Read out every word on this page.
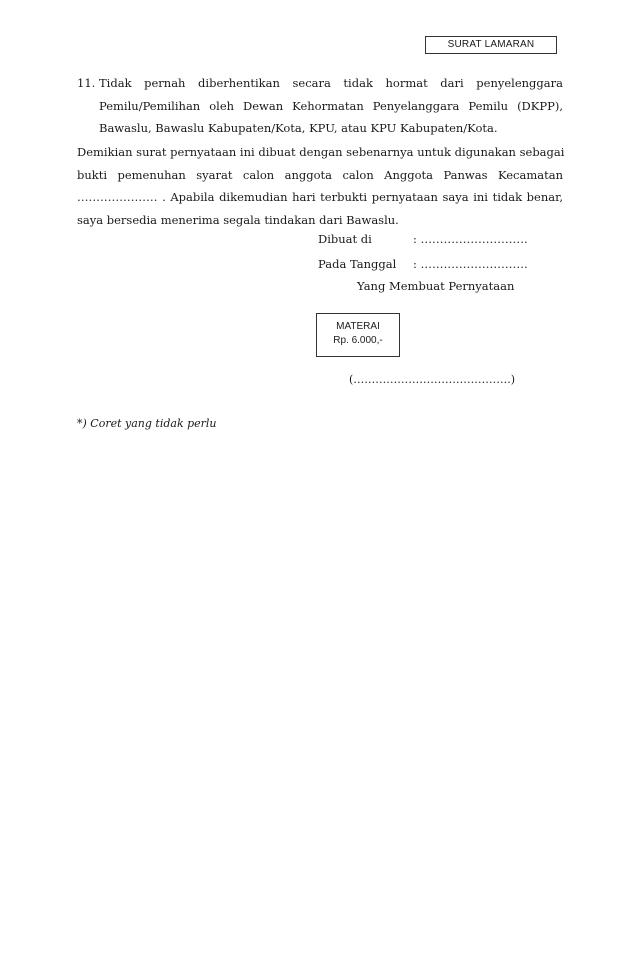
SURAT LAMARAN
11. Tidak pernah diberhentikan secara tidak hormat dari penyelenggara
Pemilu/Pemilihan oleh Dewan Kehormatan Penyelanggara Pemilu (DKPP),
Bawaslu, Bawaslu Kabupaten/Kota, KPU, atau KPU Kabupaten/Kota.
Demikian surat pernyataan ini dibuat dengan sebenarnya untuk digunakan sebagai
bukti pemenuhan syarat calon anggota calon Anggota Panwas Kecamatan
………………… . Apabila dikemudian hari terbukti pernyataan saya ini tidak benar,
saya bersedia menerima segala tindakan dari Bawaslu.
Dibuat di	: ……………………….
Pada Tanggal : ……………………….
Yang Membuat Pernyataan
MATERAI
Rp. 6.000,-
(…………………………………….)
*) Coret yang tidak perlu
